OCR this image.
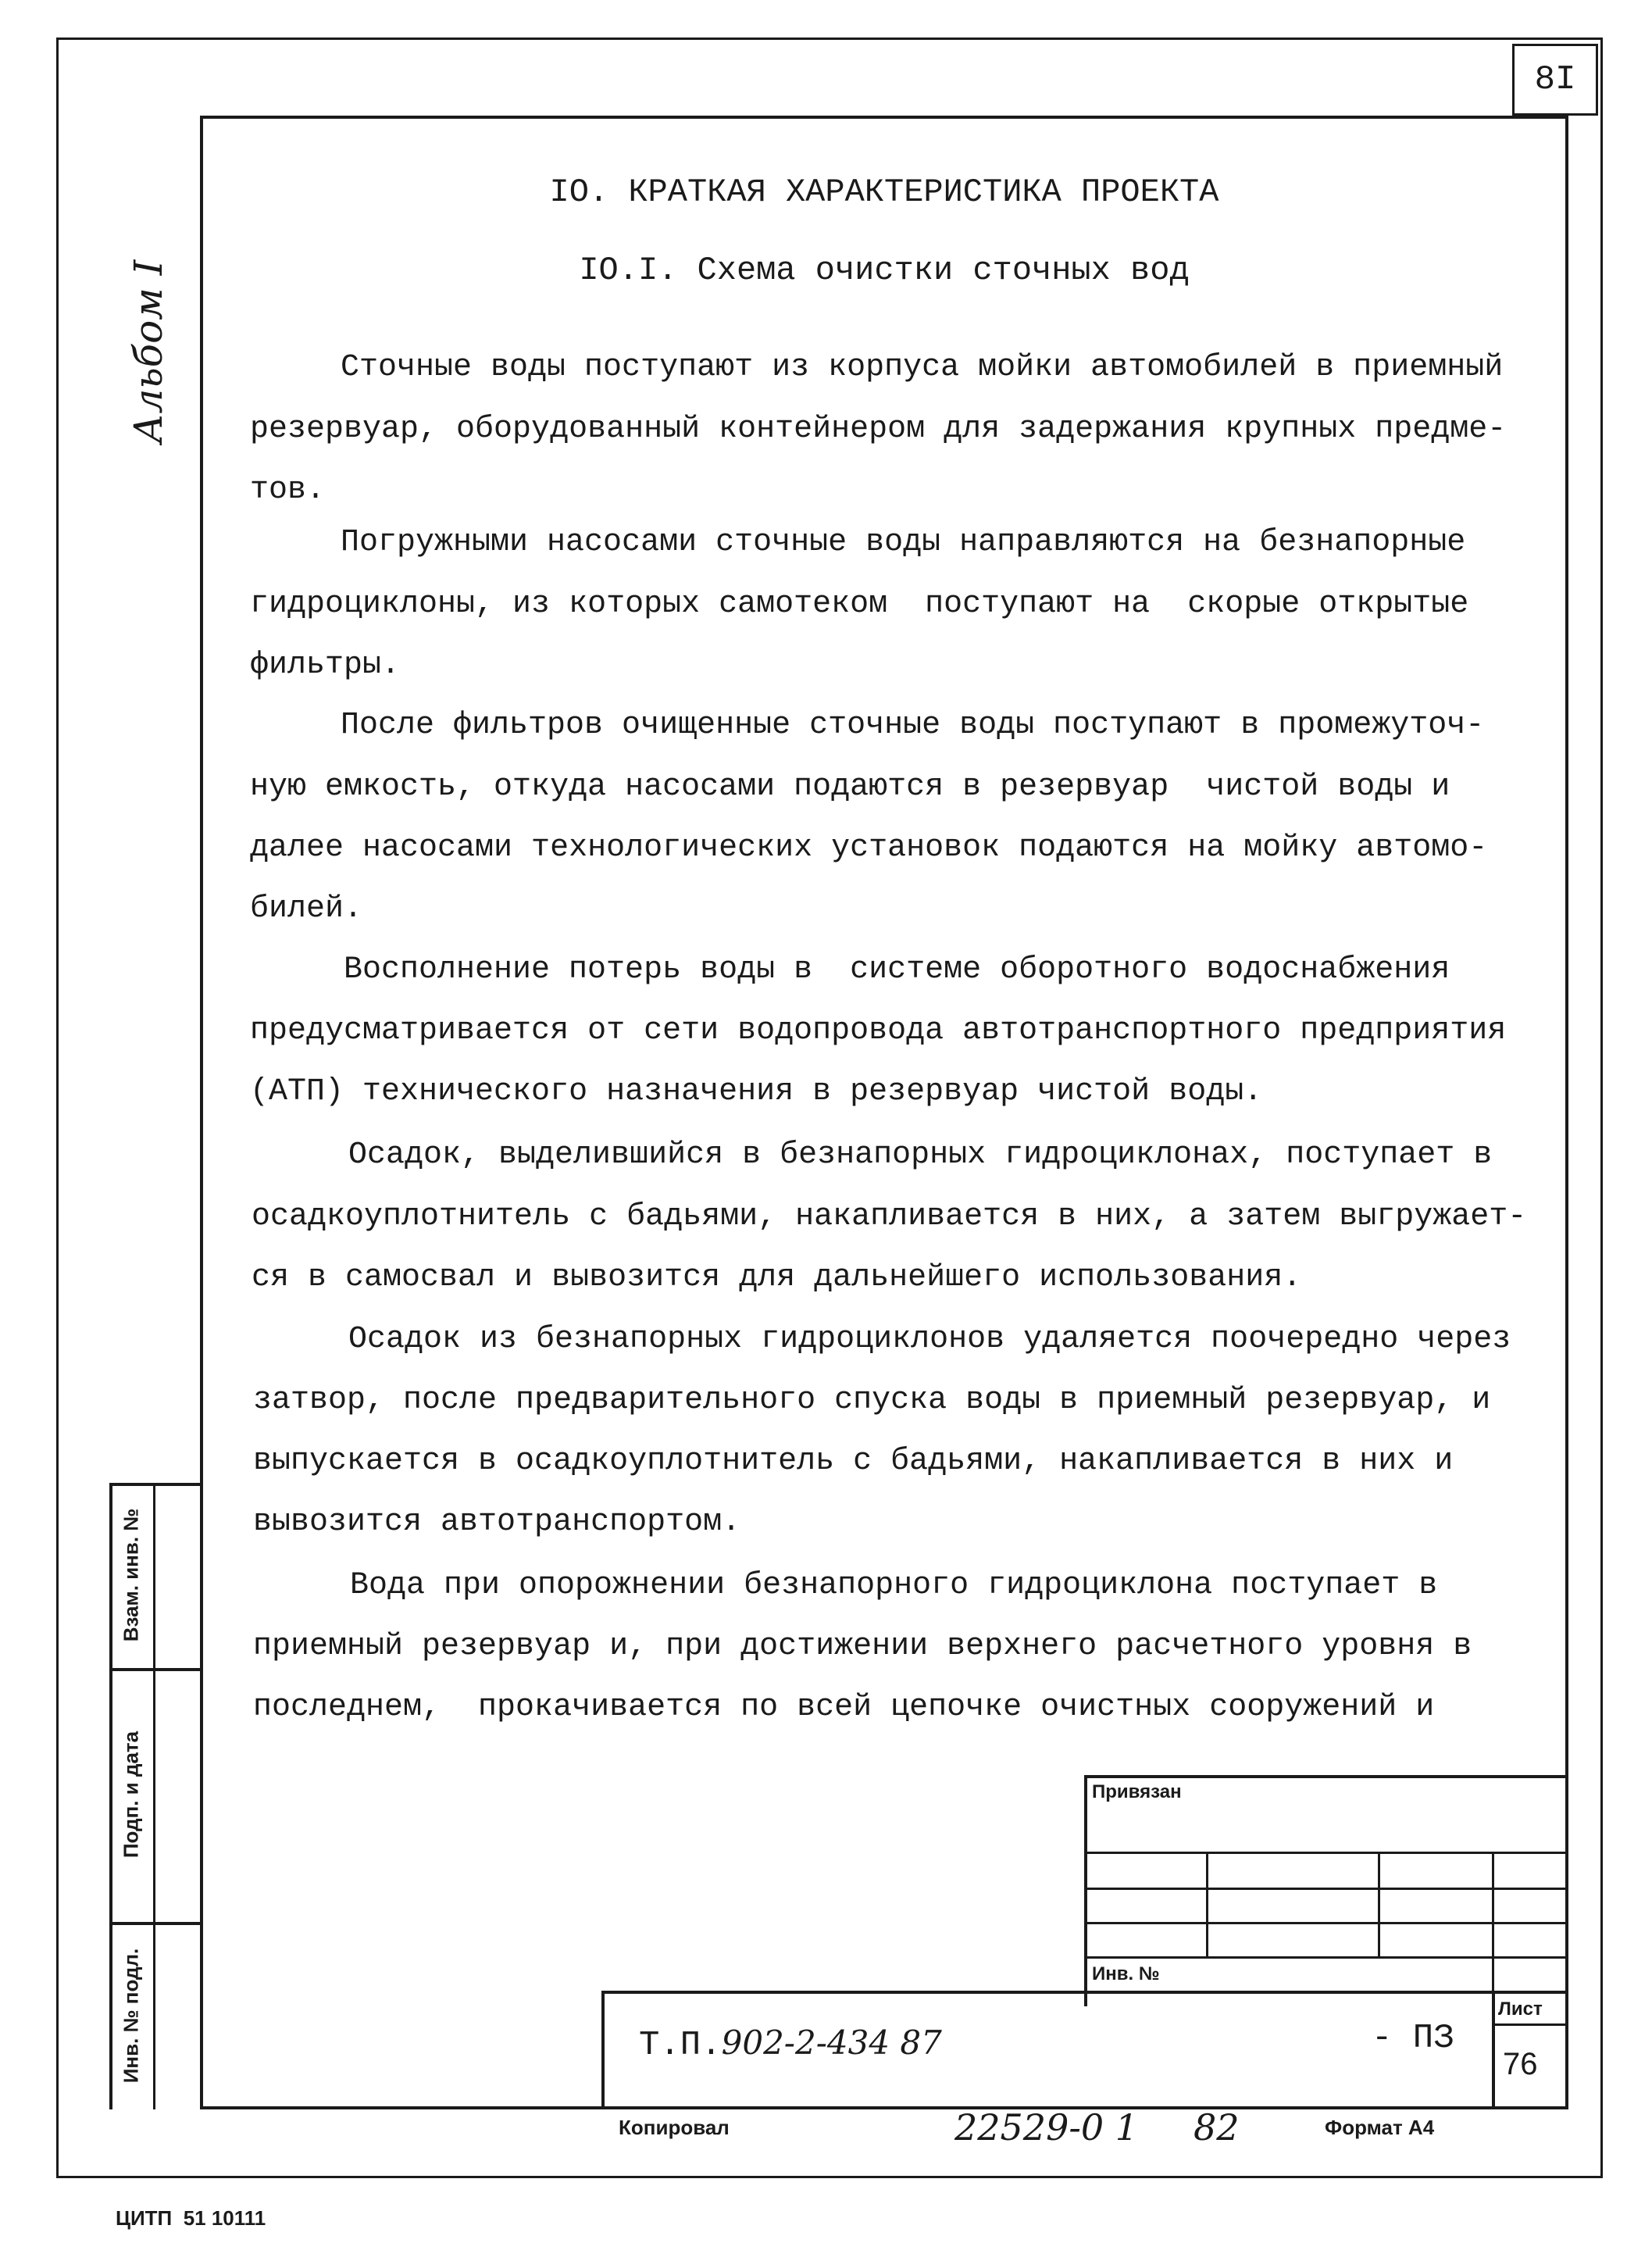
8I
Альбом I
IO. КРАТКАЯ ХАРАКТЕРИСТИКА ПРОЕКТА
IO.I. Схема очистки сточных вод
Сточные воды поступают из корпуса мойки автомобилей в приемный
резервуар, оборудованный контейнером для задержания крупных предме-
тов.
Погружными насосами сточные воды направляются на безнапорные
гидроциклоны, из которых самотеком  поступают на  скорые открытые
фильтры.
После фильтров очищенные сточные воды поступают в промежуточ-
ную емкость, откуда насосами подаются в резервуар  чистой воды и
далее насосами технологических установок подаются на мойку автомо-
билей.
Восполнение потерь воды в  системе оборотного водоснабжения
предусматривается от сети водопровода автотранспортного предприятия
(АТП) технического назначения в резервуар чистой воды.
Осадок, выделившийся в безнапорных гидроциклонах, поступает в
осадкоуплотнитель с бадьями, накапливается в них, а затем выгружает-
ся в самосвал и вывозится для дальнейшего использования.
Осадок из безнапорных гидроциклонов удаляется поочередно через
затвор, после предварительного спуска воды в приемный резервуар, и
выпускается в осадкоуплотнитель с бадьями, накапливается в них и
вывозится автотранспортом.
Вода при опорожнении безнапорного гидроциклона поступает в
приемный резервуар и, при достижении верхнего расчетного уровня в
последнем,  прокачивается по всей цепочке очистных сооружений и
Взам. инв. №
Подп. и дата
Инв. № подл.
Привязан
Инв. №
Т.П.902-2-434 87	- ПЗ
Лист
76
Копировал	22529-0 1 82	Формат А4
ЦИТП  51 10111
